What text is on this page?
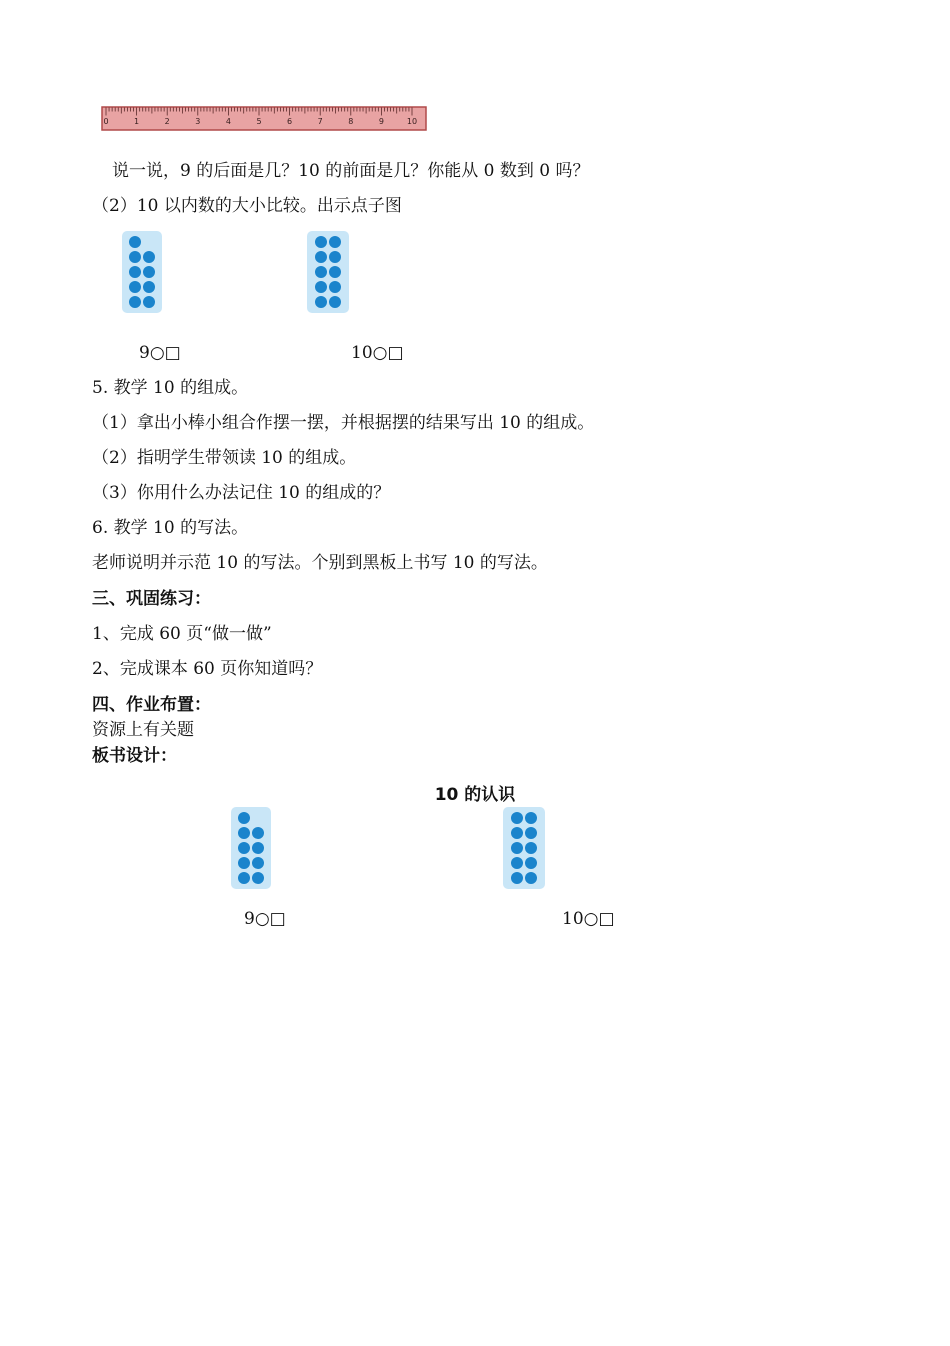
0	1	2	3	4	5	6	7	8	9	10
说一说，9 的后面是几？10 的前面是几？你能从 0 数到 0 吗？
（2）10 以内数的大小比较。出示点子图
9○□	10○□
5. 教学 10 的组成。
（1）拿出小棒小组合作摆一摆，并根据摆的结果写出 10 的组成。
（2）指明学生带领读 10 的组成。
（3）你用什么办法记住 10 的组成的？
6. 教学 10 的写法。
老师说明并示范 10 的写法。个别到黑板上书写 10 的写法。
三、巩固练习：
1、完成 60 页“做一做”
2、完成课本 60 页你知道吗？
四、作业布置：
资源上有关题
板书设计：
10 的认识
9○□	10○□
